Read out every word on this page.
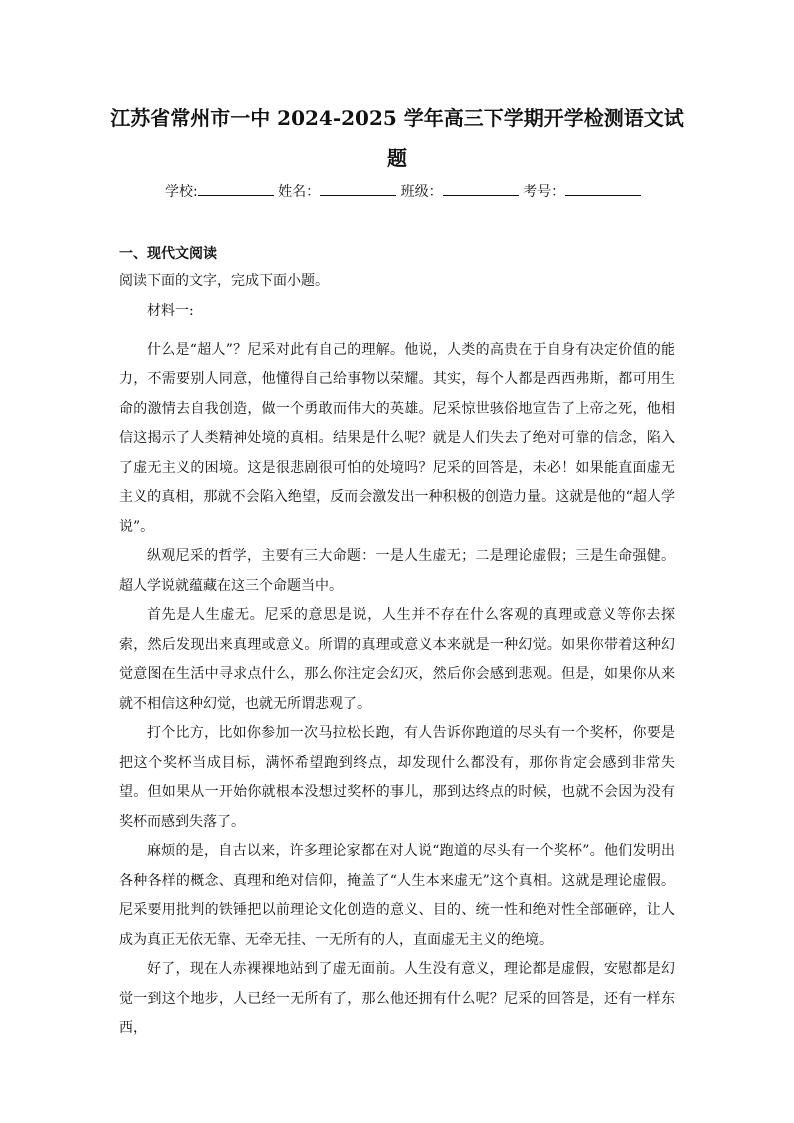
江苏省常州市一中 2024-2025 学年高三下学期开学检测语文试
题
学校:	姓名：	班级：	考号：
一、现代文阅读
阅读下面的文字，完成下面小题。

材料一:

什么是“超人”？尼采对此有自己的理解。他说，人类的高贵在于自身有决定价值的能力，不需要别人同意，他懂得自己给事物以荣耀。其实，每个人都是西西弗斯，都可用生命的激情去自我创造，做一个勇敢而伟大的英雄。尼采惊世骇俗地宣告了上帝之死，他相信这揭示了人类精神处境的真相。结果是什么呢？就是人们失去了绝对可靠的信念，陷入了虚无主义的困境。这是很悲剧很可怕的处境吗？尼采的回答是，未必！如果能直面虚无主义的真相，那就不会陷入绝望，反而会激发出一种积极的创造力量。这就是他的“超人学说”。

纵观尼采的哲学，主要有三大命题：一是人生虚无；二是理论虚假；三是生命强健。超人学说就蕴藏在这三个命题当中。

首先是人生虚无。尼采的意思是说，人生并不存在什么客观的真理或意义等你去探索，然后发现出来真理或意义。所谓的真理或意义本来就是一种幻觉。如果你带着这种幻觉意图在生活中寻求点什么，那么你注定会幻灭，然后你会感到悲观。但是，如果你从来就不相信这种幻觉，也就无所谓悲观了。

打个比方，比如你参加一次马拉松长跑，有人告诉你跑道的尽头有一个奖杯，你要是把这个奖杯当成目标，满怀希望跑到终点，却发现什么都没有，那你肯定会感到非常失望。但如果从一开始你就根本没想过奖杯的事儿，那到达终点的时候，也就不会因为没有奖杯而感到失落了。

麻烦的是，自古以来，许多理论家都在对人说“跑道的尽头有一个奖杯”。他们发明出各种各样的概念、真理和绝对信仰，掩盖了“人生本来虚无”这个真相。这就是理论虚假。尼采要用批判的铁锤把以前理论文化创造的意义、目的、统一性和绝对性全部砸碎，让人成为真正无依无靠、无牵无挂、一无所有的人，直面虚无主义的绝境。

好了，现在人赤裸裸地站到了虚无面前。人生没有意义，理论都是虚假，安慰都是幻觉一到这个地步，人已经一无所有了，那么他还拥有什么呢？尼采的回答是，还有一样东西，
